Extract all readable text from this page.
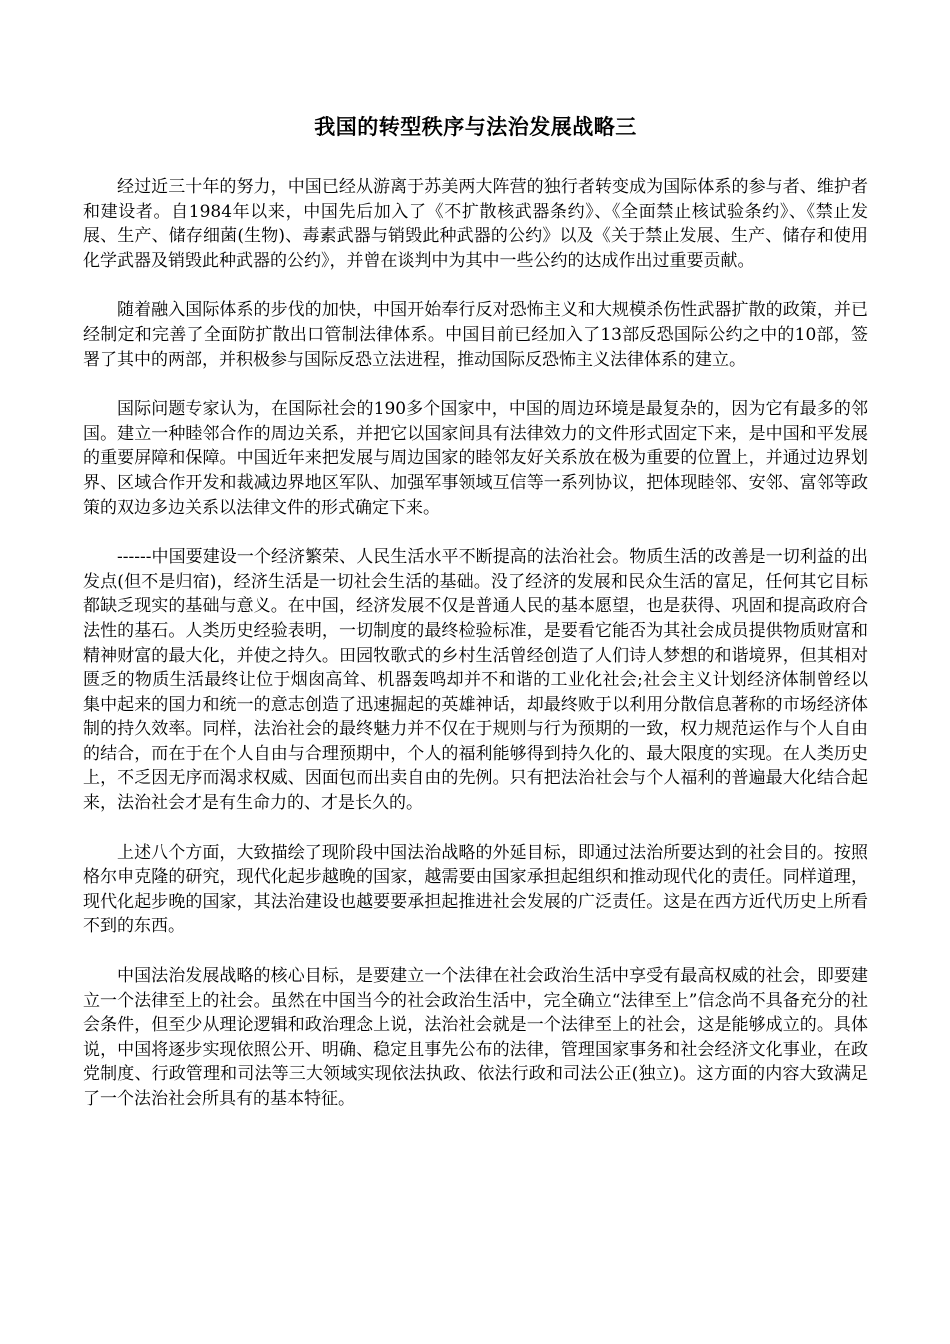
我国的转型秩序与法治发展战略三

经过近三十年的努力，中国已经从游离于苏美两大阵营的独行者转变成为国际体系的参与者、维护者和建设者。自1984年以来，中国先后加入了《不扩散核武器条约》、《全面禁止核试验条约》、《禁止发展、生产、储存细菌(生物)、毒素武器与销毁此种武器的公约》以及《关于禁止发展、生产、储存和使用化学武器及销毁此种武器的公约》，并曾在谈判中为其中一些公约的达成作出过重要贡献。

随着融入国际体系的步伐的加快，中国开始奉行反对恐怖主义和大规模杀伤性武器扩散的政策，并已经制定和完善了全面防扩散出口管制法律体系。中国目前已经加入了13部反恐国际公约之中的10部，签署了其中的两部，并积极参与国际反恐立法进程，推动国际反恐怖主义法律体系的建立。

国际问题专家认为，在国际社会的190多个国家中，中国的周边环境是最复杂的，因为它有最多的邻国。建立一种睦邻合作的周边关系，并把它以国家间具有法律效力的文件形式固定下来，是中国和平发展的重要屏障和保障。中国近年来把发展与周边国家的睦邻友好关系放在极为重要的位置上，并通过边界划界、区域合作开发和裁减边界地区军队、加强军事领域互信等一系列协议，把体现睦邻、安邻、富邻等政策的双边多边关系以法律文件的形式确定下来。

------中国要建设一个经济繁荣、人民生活水平不断提高的法治社会。物质生活的改善是一切利益的出发点(但不是归宿)，经济生活是一切社会生活的基础。没了经济的发展和民众生活的富足，任何其它目标都缺乏现实的基础与意义。在中国，经济发展不仅是普通人民的基本愿望，也是获得、巩固和提高政府合法性的基石。人类历史经验表明，一切制度的最终检验标准，是要看它能否为其社会成员提供物质财富和精神财富的最大化，并使之持久。田园牧歌式的乡村生活曾经创造了人们诗人梦想的和谐境界，但其相对匮乏的物质生活最终让位于烟囱高耸、机器轰鸣却并不和谐的工业化社会;社会主义计划经济体制曾经以集中起来的国力和统一的意志创造了迅速掘起的英雄神话，却最终败于以利用分散信息著称的市场经济体制的持久效率。同样，法治社会的最终魅力并不仅在于规则与行为预期的一致，权力规范运作与个人自由的结合，而在于在个人自由与合理预期中，个人的福利能够得到持久化的、最大限度的实现。在人类历史上，不乏因无序而渴求权威、因面包而出卖自由的先例。只有把法治社会与个人福利的普遍最大化结合起来，法治社会才是有生命力的、才是长久的。

上述八个方面，大致描绘了现阶段中国法治战略的外延目标，即通过法治所要达到的社会目的。按照格尔申克隆的研究，现代化起步越晚的国家，越需要由国家承担起组织和推动现代化的责任。同样道理，现代化起步晚的国家，其法治建设也越要要承担起推进社会发展的广泛责任。这是在西方近代历史上所看不到的东西。

中国法治发展战略的核心目标，是要建立一个法律在社会政治生活中享受有最高权威的社会，即要建立一个法律至上的社会。虽然在中国当今的社会政治生活中，完全确立“法律至上”信念尚不具备充分的社会条件，但至少从理论逻辑和政治理念上说，法治社会就是一个法律至上的社会，这是能够成立的。具体说，中国将逐步实现依照公开、明确、稳定且事先公布的法律，管理国家事务和社会经济文化事业，在政党制度、行政管理和司法等三大领域实现依法执政、依法行政和司法公正(独立)。这方面的内容大致满足了一个法治社会所具有的基本特征。
